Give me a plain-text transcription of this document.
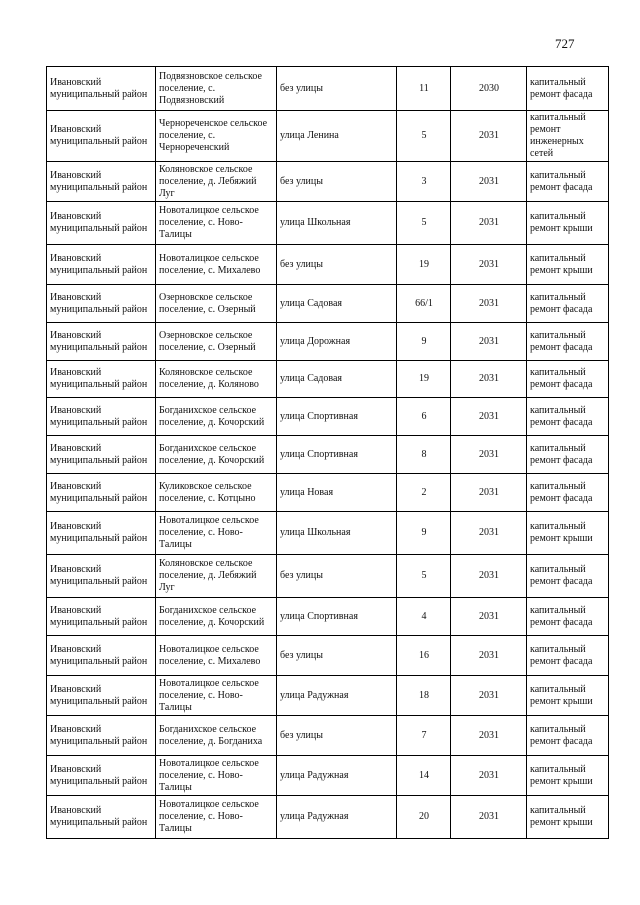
727
Ивановский муниципальный район	Подвязновское сельское поселение, с. Подвязновский	без улицы	11	2030	капитальный ремонт фасада
Ивановский муниципальный район	Чернореченское сельское поселение, с. Чернореченский	улица Ленина	5	2031	капитальный ремонт инженерных сетей
Ивановский муниципальный район	Коляновское сельское поселение, д. Лебяжий Луг	без улицы	3	2031	капитальный ремонт фасада
Ивановский муниципальный район	Новоталицкое сельское поселение, с. Ново-Талицы	улица Школьная	5	2031	капитальный ремонт крыши
Ивановский муниципальный район	Новоталицкое сельское поселение, с. Михалево	без улицы	19	2031	капитальный ремонт крыши
Ивановский муниципальный район	Озерновское сельское поселение, с. Озерный	улица Садовая	66/1	2031	капитальный ремонт фасада
Ивановский муниципальный район	Озерновское сельское поселение, с. Озерный	улица Дорожная	9	2031	капитальный ремонт фасада
Ивановский муниципальный район	Коляновское сельское поселение, д. Коляново	улица Садовая	19	2031	капитальный ремонт фасада
Ивановский муниципальный район	Богданихское сельское поселение, д. Кочорский	улица Спортивная	6	2031	капитальный ремонт фасада
Ивановский муниципальный район	Богданихское сельское поселение, д. Кочорский	улица Спортивная	8	2031	капитальный ремонт фасада
Ивановский муниципальный район	Куликовское сельское поселение, с. Котцыно	улица Новая	2	2031	капитальный ремонт фасада
Ивановский муниципальный район	Новоталицкое сельское поселение, с. Ново-Талицы	улица Школьная	9	2031	капитальный ремонт крыши
Ивановский муниципальный район	Коляновское сельское поселение, д. Лебяжий Луг	без улицы	5	2031	капитальный ремонт фасада
Ивановский муниципальный район	Богданихское сельское поселение, д. Кочорский	улица Спортивная	4	2031	капитальный ремонт фасада
Ивановский муниципальный район	Новоталицкое сельское поселение, с. Михалево	без улицы	16	2031	капитальный ремонт фасада
Ивановский муниципальный район	Новоталицкое сельское поселение, с. Ново-Талицы	улица Радужная	18	2031	капитальный ремонт крыши
Ивановский муниципальный район	Богданихское сельское поселение, д. Богданиха	без улицы	7	2031	капитальный ремонт фасада
Ивановский муниципальный район	Новоталицкое сельское поселение, с. Ново-Талицы	улица Радужная	14	2031	капитальный ремонт крыши
Ивановский муниципальный район	Новоталицкое сельское поселение, с. Ново-Талицы	улица Радужная	20	2031	капитальный ремонт крыши
